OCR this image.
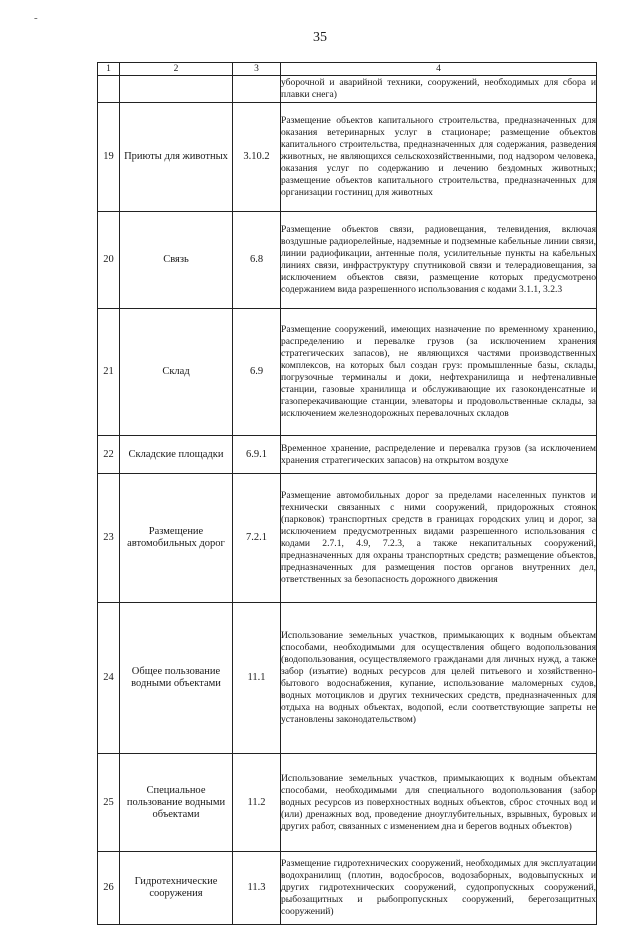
-
35
1	2	3	4
			уборочной и аварийной техники, сооружений, необходимых для сбора и плавки снега)
19	Приюты для животных	3.10.2	Размещение объектов капитального строительства, предназначенных для оказания ветеринарных услуг в стационаре; размещение объектов капитального строительства, предназначенных для содержания, разведения животных, не являющихся сельскохозяйственными, под надзором человека, оказания услуг по содержанию и лечению бездомных животных; размещение объектов капитального строительства, предназначенных для организации гостиниц для животных
20	Связь	6.8	Размещение объектов связи, радиовещания, телевидения, включая воздушные радиорелейные, надземные и подземные кабельные линии связи, линии радиофикации, антенные поля, усилительные пункты на кабельных линиях связи, инфраструктуру спутниковой связи и телерадиовещания, за исключением объектов связи, размещение которых предусмотрено содержанием вида разрешенного использования с кодами 3.1.1, 3.2.3
21	Склад	6.9	Размещение сооружений, имеющих назначение по временному хранению, распределению и перевалке грузов (за исключением хранения стратегических запасов), не являющихся частями производственных комплексов, на которых был создан груз: промышленные базы, склады, погрузочные терминалы и доки, нефтехранилища и нефтеналивные станции, газовые хранилища и обслуживающие их газоконденсатные и газоперекачивающие станции, элеваторы и продовольственные склады, за исключением железнодорожных перевалочных складов
22	Складские площадки	6.9.1	Временное хранение, распределение и перевалка грузов (за исключением хранения стратегических запасов) на открытом воздухе
23	Размещение автомобильных дорог	7.2.1	Размещение автомобильных дорог за пределами населенных пунктов и технически связанных с ними сооружений, придорожных стоянок (парковок) транспортных средств в границах городских улиц и дорог, за исключением предусмотренных видами разрешенного использования с кодами 2.7.1, 4.9, 7.2.3, а также некапитальных сооружений, предназначенных для охраны транспортных средств; размещение объектов, предназначенных для размещения постов органов внутренних дел, ответственных за безопасность дорожного движения
24	Общее пользование водными объектами	11.1	Использование земельных участков, примыкающих к водным объектам способами, необходимыми для осуществления общего водопользования (водопользования, осуществляемого гражданами для личных нужд, а также забор (изъятие) водных ресурсов для целей питьевого и хозяйственно-бытового водоснабжения, купание, использование маломерных судов, водных мотоциклов и других технических средств, предназначенных для отдыха на водных объектах, водопой, если соответствующие запреты не установлены законодательством)
25	Специальное пользование водными объектами	11.2	Использование земельных участков, примыкающих к водным объектам способами, необходимыми для специального водопользования (забор водных ресурсов из поверхностных водных объектов, сброс сточных вод и (или) дренажных вод, проведение дноуглубительных, взрывных, буровых и других работ, связанных с изменением дна и берегов водных объектов)
26	Гидротехнические сооружения	11.3	Размещение гидротехнических сооружений, необходимых для эксплуатации водохранилищ (плотин, водосбросов, водозаборных, водовыпускных и других гидротехнических сооружений, судопропускных сооружений, рыбозащитных и рыбопропускных сооружений, берегозащитных сооружений)
